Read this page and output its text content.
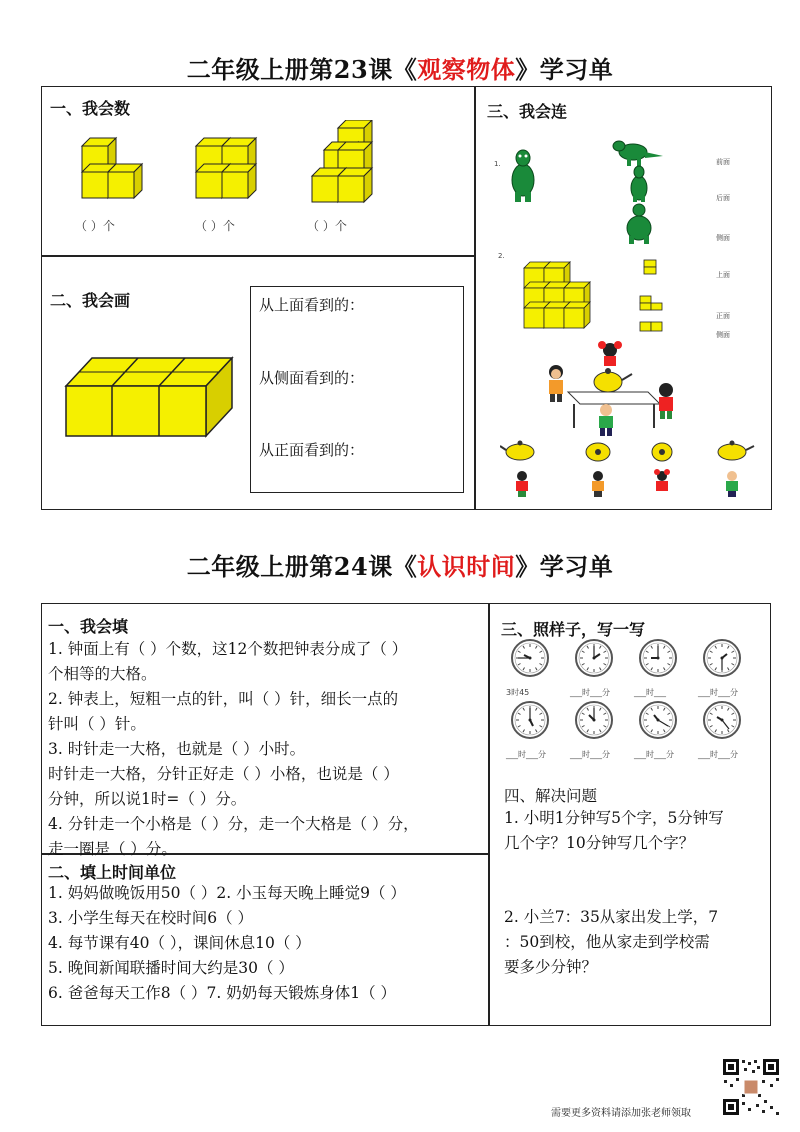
二年级上册第23课《观察物体》学习单
一、我会数
（ ）个	（ ）个	（ ）个
二、我会画	从上面看到的：
从侧面看到的：
从正面看到的：
三、我会连
1.	前面
后面
侧面
2.
上面
正面
侧面
二年级上册第24课《认识时间》学习单
一、我会填
1. 钟面上有（ ）个数，这12个数把钟表分成了（ ）
个相等的大格。
2. 钟表上，短粗一点的针，叫（ ）针，细长一点的
针叫（ ）针。
3. 时针走一大格，也就是（ ）小时。
时针走一大格，分针正好走（ ）小格，也说是（ ）
分钟，所以说1时=（ ）分。
4. 分针走一个小格是（ ）分，走一个大格是（ ）分，
走一圈是（ ）分。
二、填上时间单位
1. 妈妈做晚饭用50（ ）2. 小玉每天晚上睡觉9（ ）
3. 小学生每天在校时间6（ ）
4. 每节课有40（ ），课间休息10（ ）
5. 晚间新闻联播时间大约是30（ ）
6. 爸爸每天工作8（ ）7. 奶奶每天锻炼身体1（ ）
三、照样子，写一写
3时45	___时___分	___时___	___时___分
___时___分	___时___分	___时___分	___时___分
四、解决问题
1. 小明1分钟写5个字，5分钟写
几个字？10分钟写几个字？
2. 小兰7：35从家出发上学，7
：50到校，他从家走到学校需
要多少分钟？
需要更多资料请添加张老师领取
